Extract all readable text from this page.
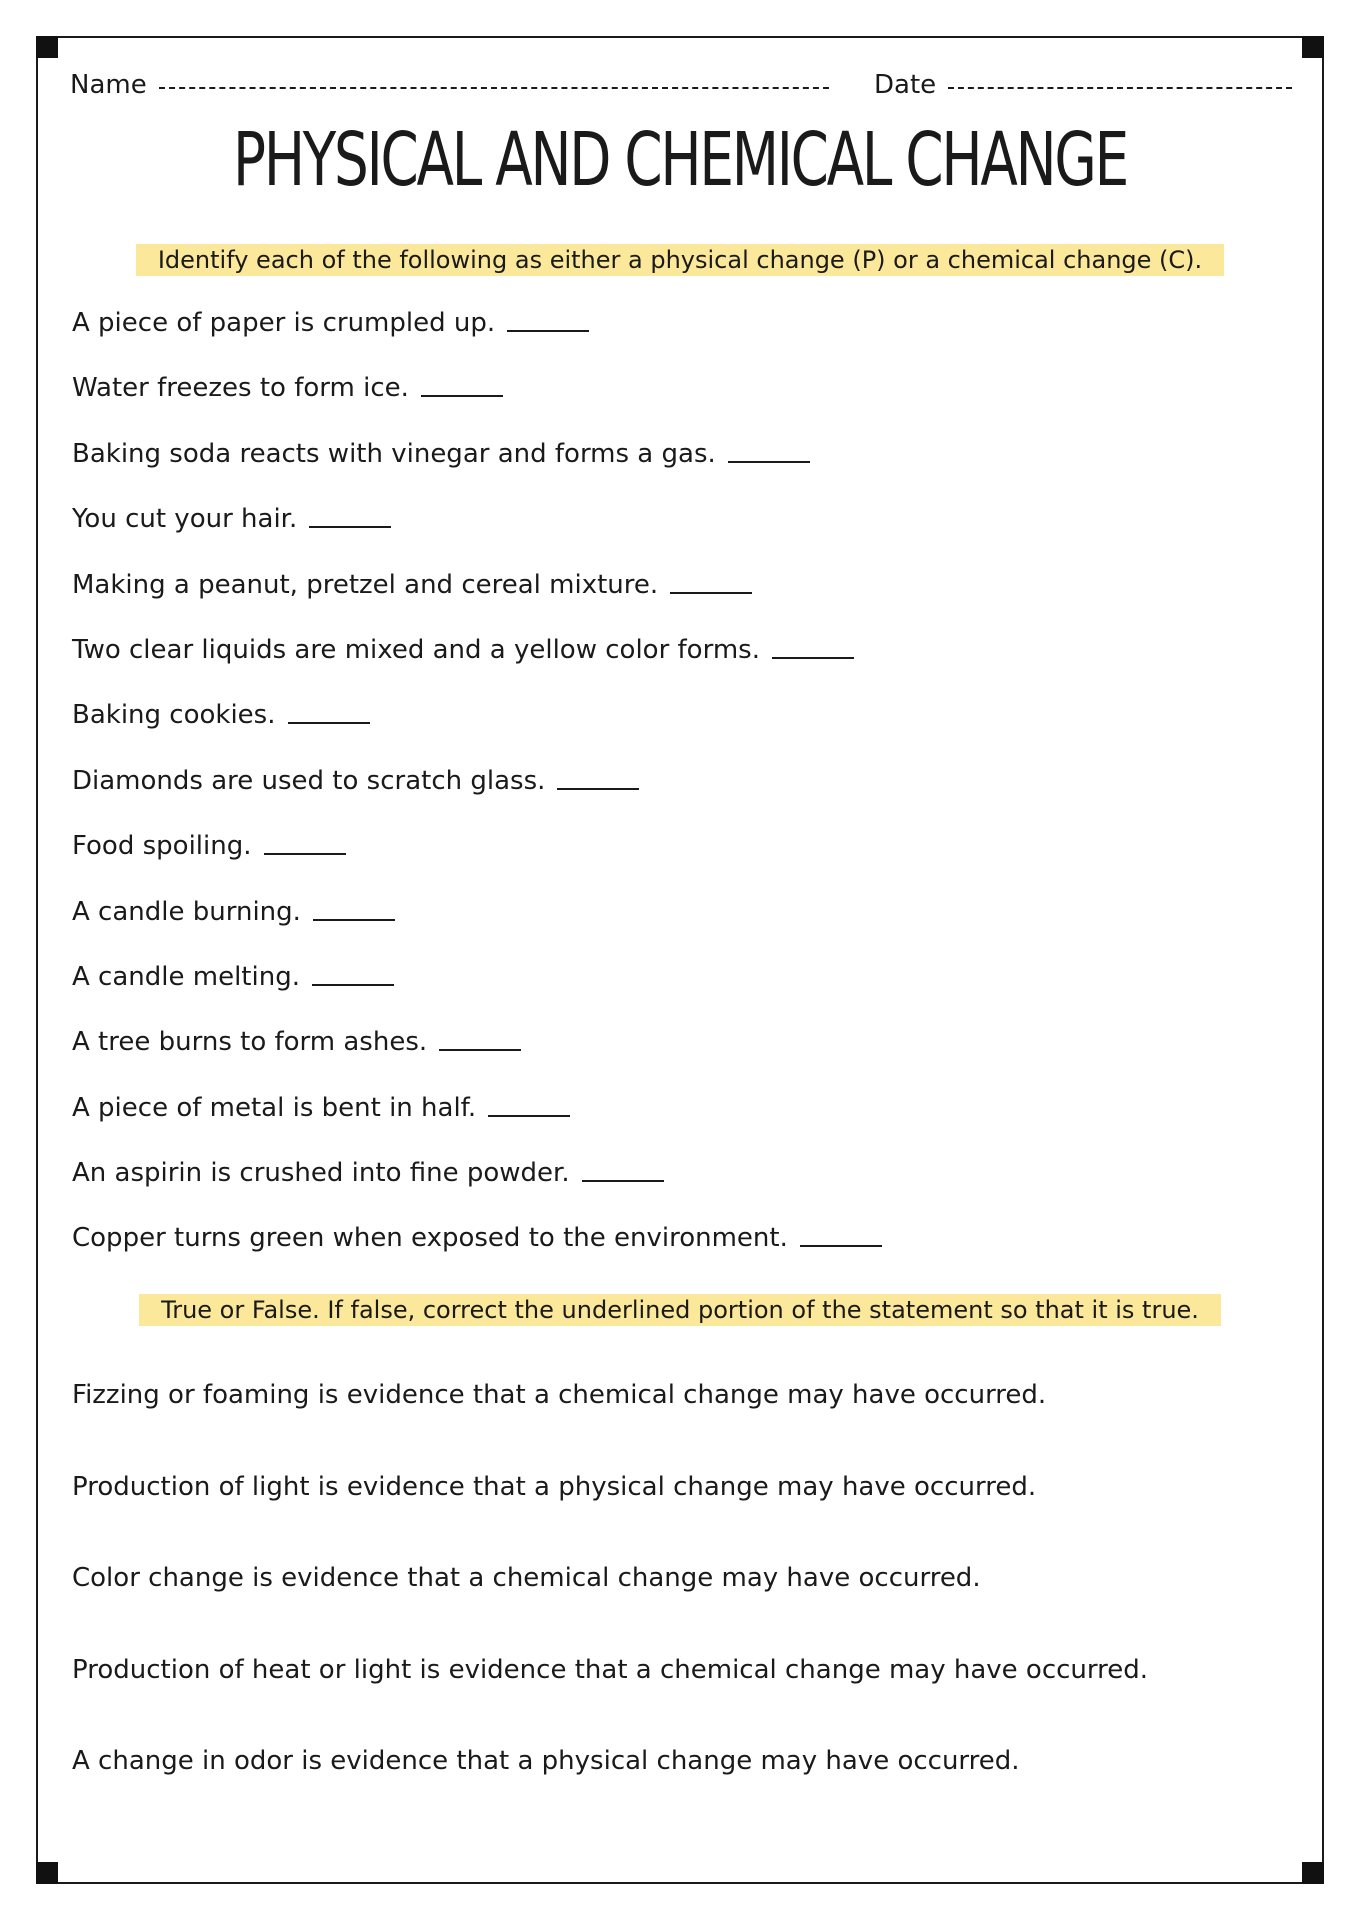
Name	Date
PHYSICAL AND CHEMICAL CHANGE
Identify each of the following as either a physical change (P) or a chemical change (C).
A piece of paper is crumpled up.
Water freezes to form ice.
Baking soda reacts with vinegar and forms a gas.
You cut your hair.
Making a peanut, pretzel and cereal mixture.
Two clear liquids are mixed and a yellow color forms.
Baking cookies.
Diamonds are used to scratch glass.
Food spoiling.
A candle burning.
A candle melting.
A tree burns to form ashes.
A piece of metal is bent in half.
An aspirin is crushed into fine powder.
Copper turns green when exposed to the environment.
True or False. If false, correct the underlined portion of the statement so that it is true.
Fizzing or foaming is evidence that a chemical change may have occurred.
Production of light is evidence that a physical change may have occurred.
Color change is evidence that a chemical change may have occurred.
Production of heat or light is evidence that a chemical change may have occurred.
A change in odor is evidence that a physical change may have occurred.
